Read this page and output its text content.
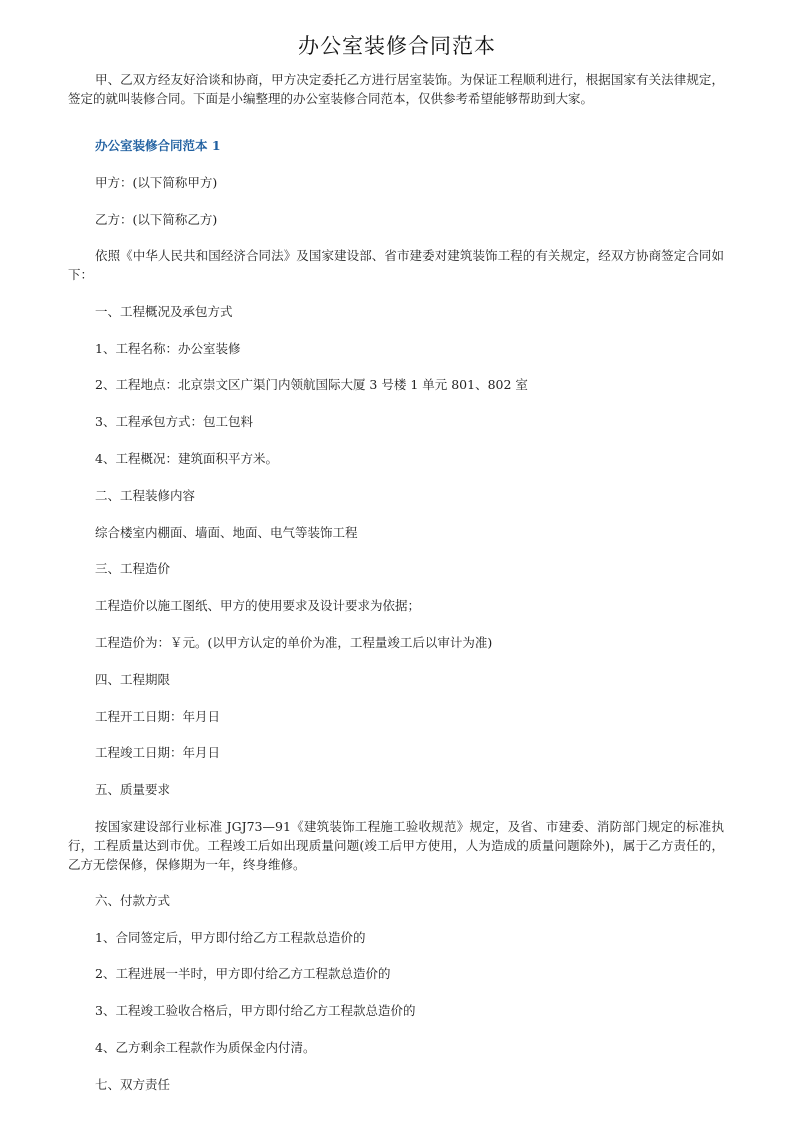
办公室装修合同范本
甲、乙双方经友好洽谈和协商，甲方决定委托乙方进行居室装饰。为保证工程顺利进行，根据国家有关法律规定，签定的就叫装修合同。下面是小编整理的办公室装修合同范本，仅供参考希望能够帮助到大家。
办公室装修合同范本 1
甲方：(以下简称甲方)
乙方：(以下简称乙方)
依照《中华人民共和国经济合同法》及国家建设部、省市建委对建筑装饰工程的有关规定，经双方协商签定合同如下：
一、工程概况及承包方式
1、工程名称：办公室装修
2、工程地点：北京崇文区广渠门内领航国际大厦 3 号楼 1 单元 801、802 室
3、工程承包方式：包工包料
4、工程概况：建筑面积平方米。
二、工程装修内容
综合楼室内棚面、墙面、地面、电气等装饰工程
三、工程造价
工程造价以施工图纸、甲方的使用要求及设计要求为依据；
工程造价为：￥元。(以甲方认定的单价为准，工程量竣工后以审计为准)
四、工程期限
工程开工日期：年月日
工程竣工日期：年月日
五、质量要求
按国家建设部行业标准 JGJ73—91《建筑装饰工程施工验收规范》规定，及省、市建委、消防部门规定的标准执行，工程质量达到市优。工程竣工后如出现质量问题(竣工后甲方使用，人为造成的质量问题除外)，属于乙方责任的，乙方无偿保修，保修期为一年，终身维修。
六、付款方式
1、合同签定后，甲方即付给乙方工程款总造价的
2、工程进展一半时，甲方即付给乙方工程款总造价的
3、工程竣工验收合格后，甲方即付给乙方工程款总造价的
4、乙方剩余工程款作为质保金内付清。
七、双方责任
